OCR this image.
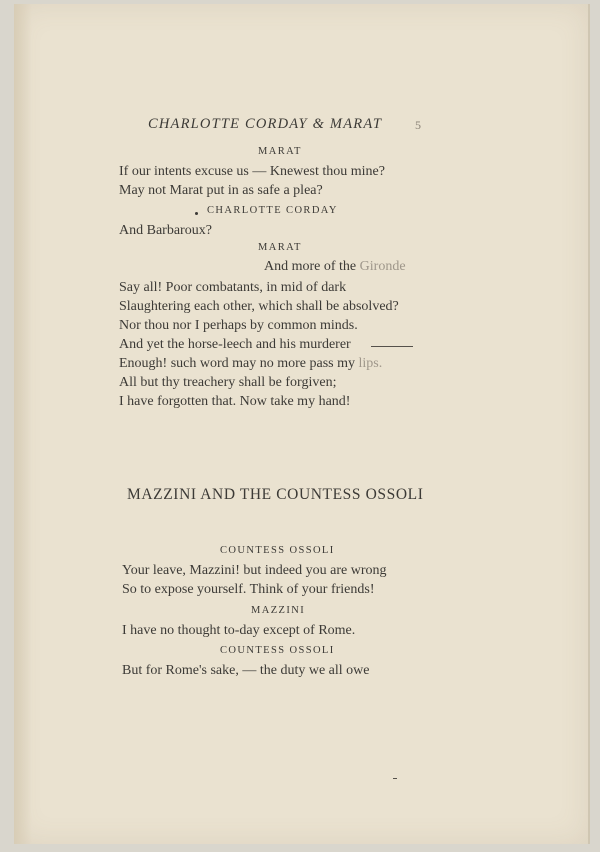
CHARLOTTE CORDAY & MARAT	5
MARAT
If our intents excuse us — Knewest thou mine?
May not Marat put in as safe a plea?
CHARLOTTE CORDAY
And Barbaroux?
MARAT
And more of the Gironde
Say all! Poor combatants, in mid of dark
Slaughtering each other, which shall be absolved?
Nor thou nor I perhaps by common minds.
And yet the horse-leech and his murderer
Enough! such word may no more pass my lips.
All but thy treachery shall be forgiven;
I have forgotten that. Now take my hand!
MAZZINI AND THE COUNTESS OSSOLI
COUNTESS OSSOLI
Your leave, Mazzini! but indeed you are wrong
So to expose yourself. Think of your friends!
MAZZINI
I have no thought to-day except of Rome.
COUNTESS OSSOLI
But for Rome's sake, — the duty we all owe
